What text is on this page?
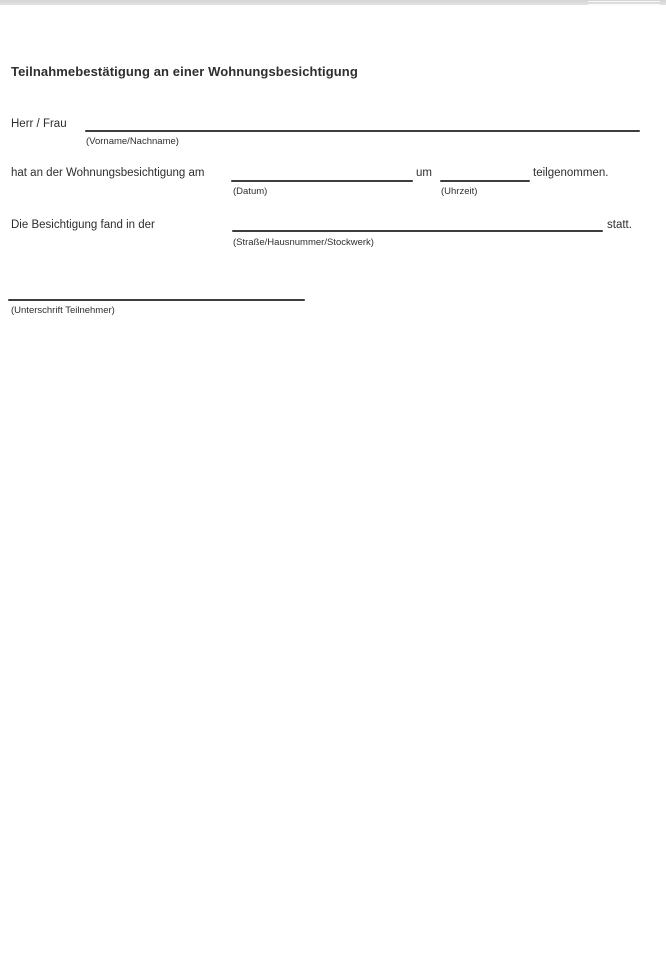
Teilnahmebestätigung an einer Wohnungsbesichtigung
Herr / Frau
(Vorname/Nachname)
hat an der Wohnungsbesichtigung am	um	teilgenommen.
(Datum)	(Uhrzeit)
Die Besichtigung fand in der	statt.
(Straße/Hausnummer/Stockwerk)
(Unterschrift Teilnehmer)
